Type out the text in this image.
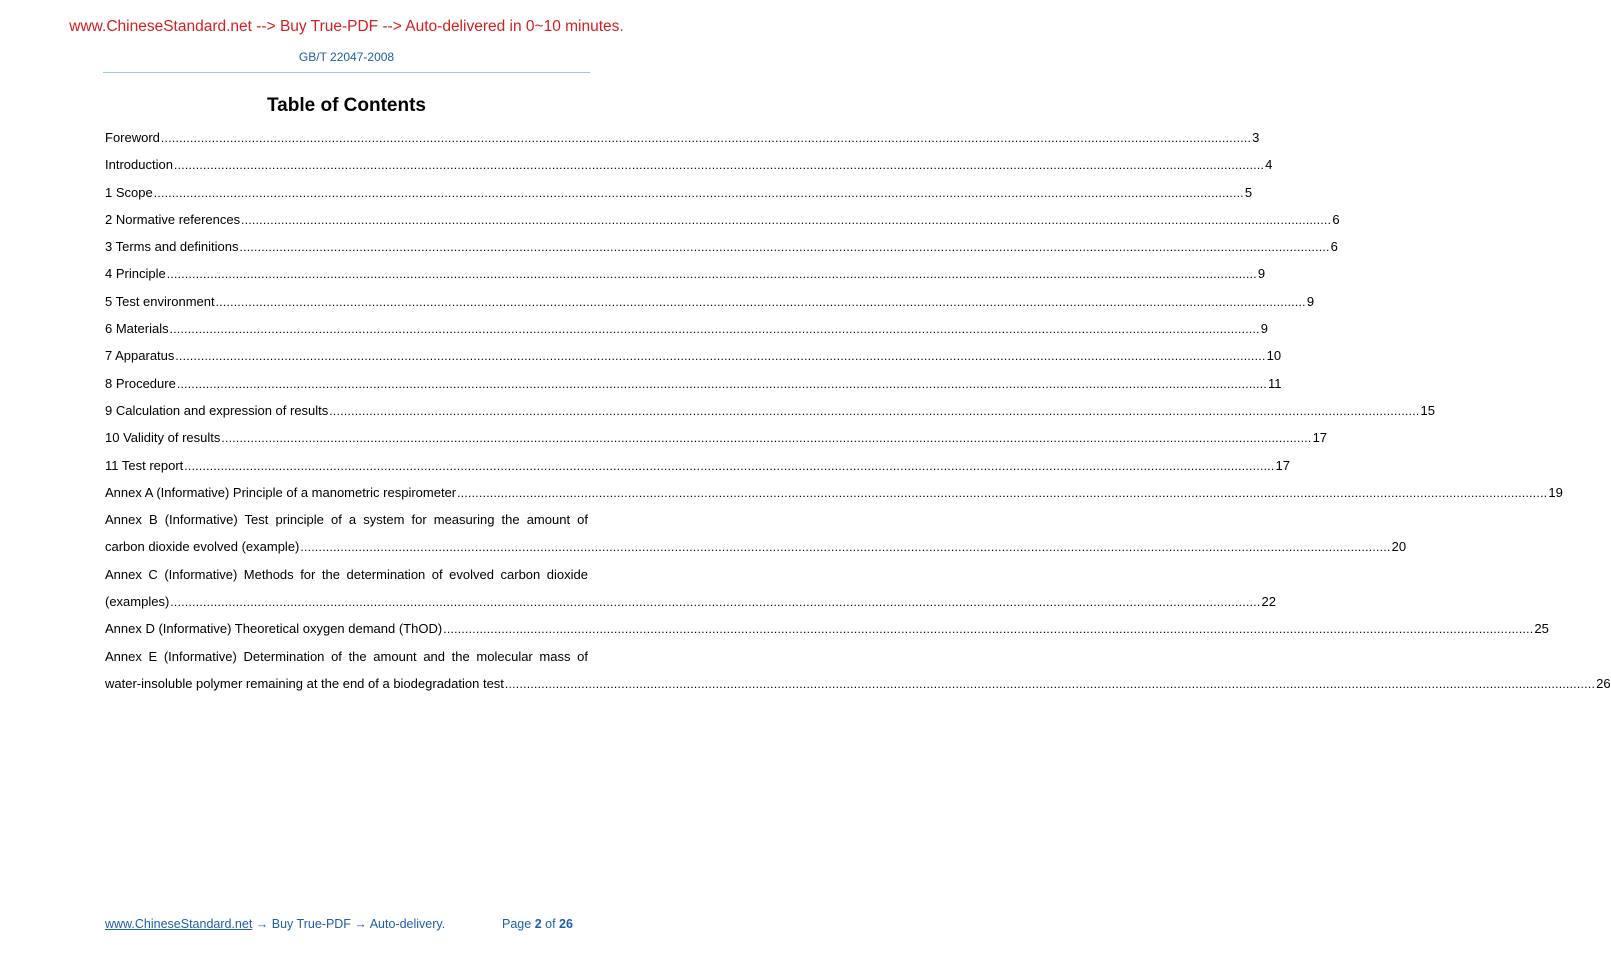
www.ChineseStandard.net --> Buy True-PDF --> Auto-delivered in 0~10 minutes.
GB/T 22047-2008
Table of Contents
Foreword ............................................................................................................................................................................................................................................................................................................ 3
Introduction ............................................................................................................................................................................................................................................................................................................ 4
1 Scope ............................................................................................................................................................................................................................................................................................................ 5
2 Normative references ............................................................................................................................................................................................................................................................................................................ 6
3 Terms and definitions ............................................................................................................................................................................................................................................................................................................ 6
4 Principle ............................................................................................................................................................................................................................................................................................................ 9
5 Test environment ............................................................................................................................................................................................................................................................................................................ 9
6 Materials ............................................................................................................................................................................................................................................................................................................ 9
7 Apparatus ............................................................................................................................................................................................................................................................................................................ 10
8 Procedure ............................................................................................................................................................................................................................................................................................................ 11
9 Calculation and expression of results ............................................................................................................................................................................................................................................................................................................ 15
10 Validity of results ............................................................................................................................................................................................................................................................................................................ 17
11 Test report ............................................................................................................................................................................................................................................................................................................ 17
Annex A (Informative) Principle of a manometric respirometer ............................................................................................................................................................................................................................................................................................................ 19
Annex B (Informative) Test principle of a system for measuring the amount of
carbon dioxide evolved (example) ............................................................................................................................................................................................................................................................................................................ 20
Annex C (Informative) Methods for the determination of evolved carbon dioxide
(examples) ............................................................................................................................................................................................................................................................................................................ 22
Annex D (Informative) Theoretical oxygen demand (ThOD) ............................................................................................................................................................................................................................................................................................................ 25
Annex E (Informative) Determination of the amount and the molecular mass of
water-insoluble polymer remaining at the end of a biodegradation test ............................................................................................................................................................................................................................................................................................................ 26
www.ChineseStandard.net → Buy True-PDF → Auto-delivery.	Page 2 of 26
